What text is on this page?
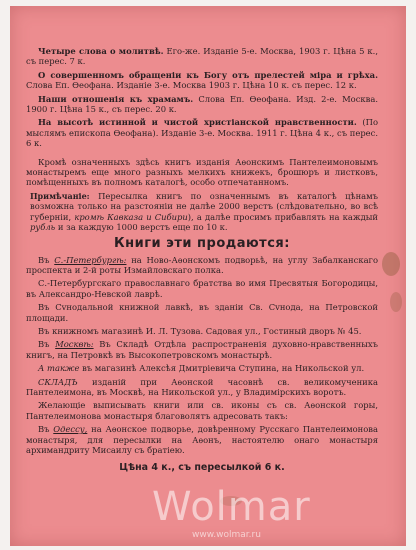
Четыре слова о молитвѣ. Его-же. Изданіе 5-е. Москва, 1903 г. Цѣна 5 к., съ перес. 7 к.

О совершенномъ обращеніи къ Богу отъ прелестей міра и грѣха. Слова Еп. Ѳеофана. Изданіе 3-е. Москва 1903 г. Цѣна 10 к. съ перес. 12 к.

Наши отношенія къ храмамъ. Слова Еп. Ѳеофана. Изд. 2-е. Москва. 1900 г. Цѣна 15 к., съ перес. 20 к.

На высотѣ истинной и чистой христіанской нравственности. (По мыслямъ епископа Ѳеофана). Изданіе 3-е. Москва. 1911 г. Цѣна 4 к., съ перес. 6 к.

Кромѣ означенныхъ здѣсь книгъ изданія Аѳонскимъ Пантелеимоновымъ монастыремъ еще много разныхъ мелкихъ книжекъ, брошюръ и листковъ, помѣщенныхъ въ полномъ каталогѣ, особо отпечатанномъ.

Примѣчаніе: Пересылка книгъ по означеннымъ въ каталогѣ цѣнамъ возможна только на разстояніи не далѣе 2000 верстъ (слѣдовательно, во всѣ губерніи, кромѣ Кавказа и Сибири), а далѣе просимъ прибавлять на каждый рубль и за каждую 1000 верстъ еще по 10 к.

Книги эти продаются:

Въ С.-Петербургѣ: на Ново-Аѳонскомъ подворьѣ, на углу Забалканскаго проспекта и 2-й роты Измайловскаго полка.

С.-Петербургскаго православнаго братства во имя Пресвятыя Богородицы, въ Александро-Невской лаврѣ.

Въ Сvнодальной книжной лавкѣ, въ зданіи Св. Сvнода, на Петровской площади.

Въ книжномъ магазинѣ И. Л. Тузова. Садовая ул., Гостиный дворъ № 45.

Въ Москвѣ: Въ Складѣ Отдѣла распространенія духовно-нравственныхъ книгъ, на Петровкѣ въ Высокопетровскомъ монастырѣ.

А также въ магазинѣ Алексѣя Дмитріевича Ступина, на Никольской ул.

СКЛАДЪ изданій при Аѳонской часовнѣ св. великомученика Пантелеимона, въ Москвѣ, на Никольской ул., у Владимірскихъ воротъ.

Желающіе выписывать книги или св. иконы съ св. Аѳонской горы, Пантелеимонова монастыря благоволятъ адресовать такъ:

Въ Одессу, на Аѳонское подворье, довѣренному Русскаго Пантелеимонова монастыря, для пересылки на Аѳонъ, настоятелю онаго монастыря архимандриту Мисаилу съ братіею.

Цѣна 4 к., съ пересылкой 6 к.
Wolmar
www.wolmar.ru
